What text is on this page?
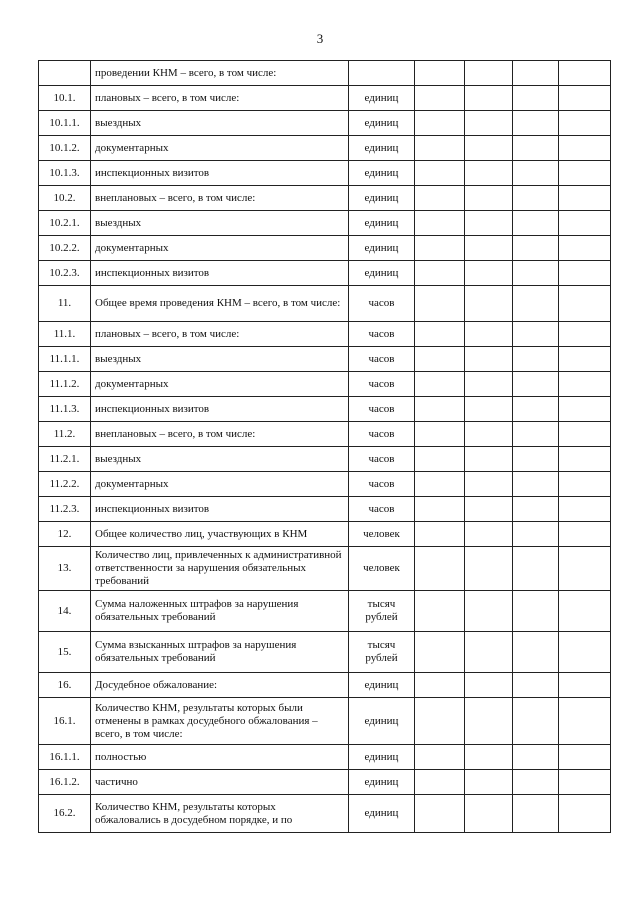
3
	проведении КНМ – всего, в том числе:					
10.1.	плановых – всего, в том числе:	единиц				
10.1.1.	выездных	единиц				
10.1.2.	документарных	единиц				
10.1.3.	инспекционных визитов	единиц				
10.2.	внеплановых – всего, в том числе:	единиц				
10.2.1.	выездных	единиц				
10.2.2.	документарных	единиц				
10.2.3.	инспекционных визитов	единиц				
11.	Общее время проведения КНМ – всего, в том числе:	часов				
11.1.	плановых – всего, в том числе:	часов				
11.1.1.	выездных	часов				
11.1.2.	документарных	часов				
11.1.3.	инспекционных визитов	часов				
11.2.	внеплановых – всего, в том числе:	часов				
11.2.1.	выездных	часов				
11.2.2.	документарных	часов				
11.2.3.	инспекционных визитов	часов				
12.	Общее количество лиц, участвующих в КНМ	человек				
13.	Количество лиц, привлеченных к административной ответственности за нарушения обязательных требований	человек				
14.	Сумма наложенных штрафов за нарушения обязательных требований	тысяч рублей				
15.	Сумма взысканных штрафов за нарушения обязательных требований	тысяч рублей				
16.	Досудебное обжалование:	единиц				
16.1.	Количество КНМ, результаты которых были отменены в рамках досудебного обжалования – всего, в том числе:	единиц				
16.1.1.	полностью	единиц				
16.1.2.	частично	единиц				
16.2.	Количество КНМ, результаты которых обжаловались в досудебном порядке, и по	единиц				
